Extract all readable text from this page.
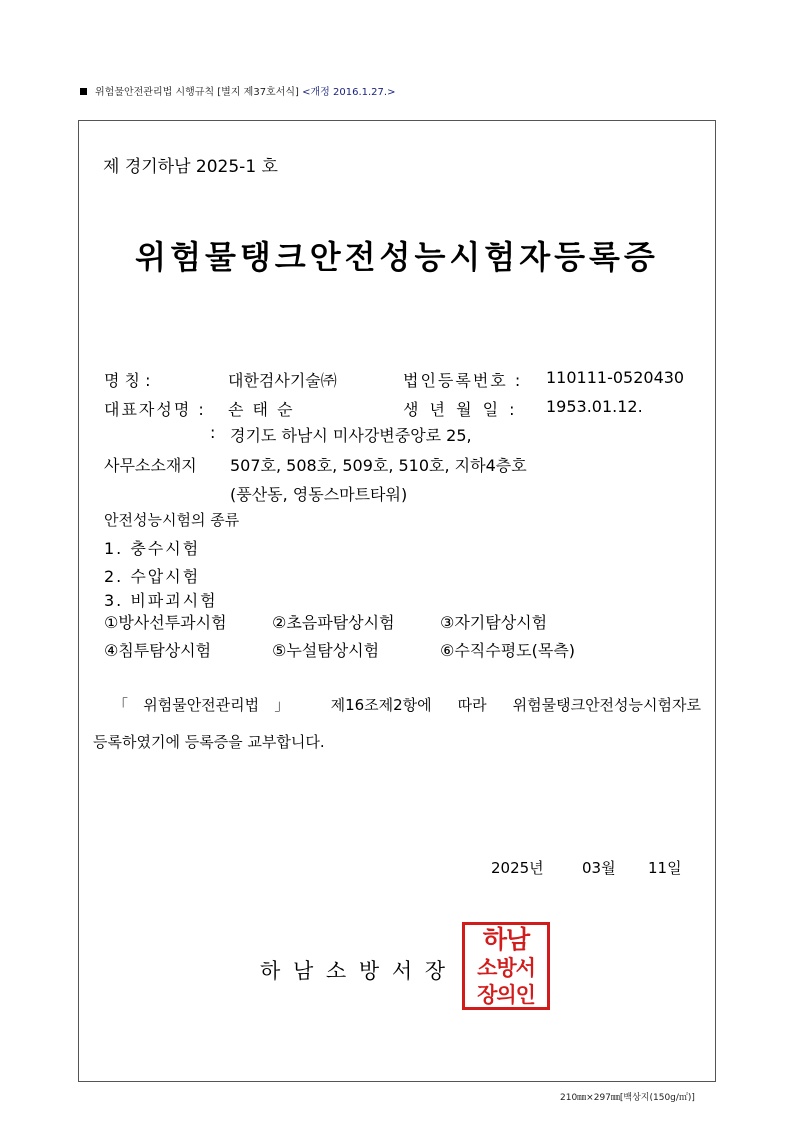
위험물안전관리법 시행규칙 [별지 제37호서식] <개정 2016.1.27.>
제 경기하남 2025-1 호
위험물탱크안전성능시험자등록증
명 칭 :	대한검사기술㈜	법인등록번호 : 110111-0520430
대표자성명 : 손 태 순	생 년 월 일 : 1953.01.12.
: 경기도 하남시 미사강변중앙로 25,
사무소소재지 507호, 508호, 509호, 510호, 지하4층호
(풍산동, 영동스마트타워)
안전성능시험의 종류
1. 충수시험
2. 수압시험
3. 비파괴시험
①방사선투과시험	②초음파탐상시험	③자기탐상시험
④침투탐상시험	⑤누설탐상시험	⑥수직수평도(목측)
「위험물안전관리법」 제16조제2항에 따라 위험물탱크안전성능시험자로
등록하였기에 등록증을 교부합니다.
2025년	03월 11일
하 남 소 방 서 장
하남
소방서
장의인
210㎜×297㎜[백상지(150g/㎡)]
